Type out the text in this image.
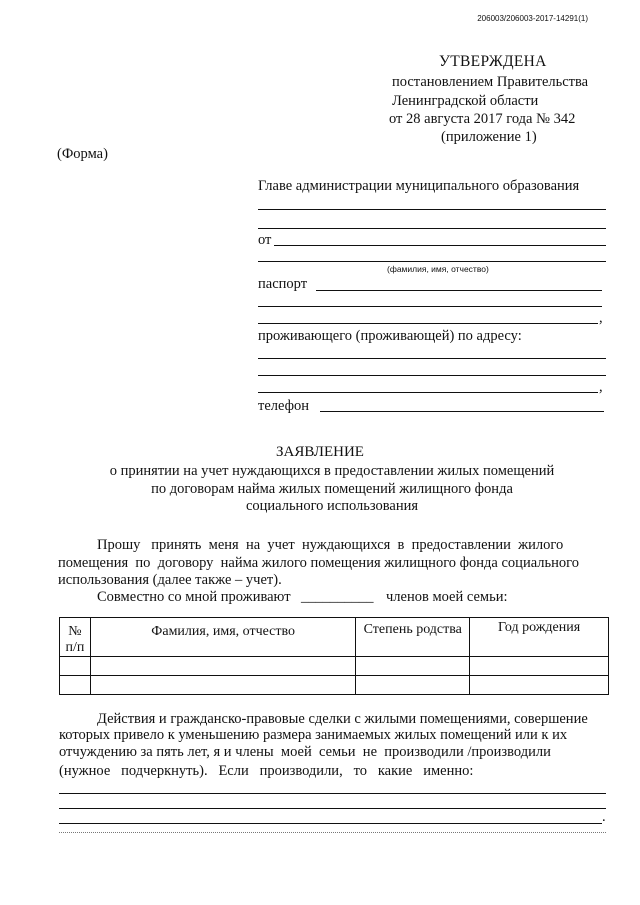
206003/206003-2017-14291(1)
УТВЕРЖДЕНА
постановлением Правительства
Ленинградской области
от 28 августа 2017 года № 342
(приложение 1)
(Форма)
Главе администрации муниципального образования
от
(фамилия, имя, отчество)
паспорт
,
проживающего (проживающей) по адресу:
,
телефон
ЗАЯВЛЕНИЕ
о принятии на учет нуждающихся в предоставлении жилых помещений
по договорам найма жилых помещений жилищного фонда
социального использования
Прошу   принять  меня  на  учет  нуждающихся  в  предоставлении  жилого
помещения  по  договору  найма жилого помещения жилищного фонда социального
использования (далее также – учет).
Совместно со мной проживают __________ членов моей семьи:
№
п/п	Фамилия, имя, отчество	Степень родства	Год рождения

Действия и гражданско-правовые сделки с жилыми помещениями, совершение
которых привело к уменьшению размера занимаемых жилых помещений или к их
отчуждению за пять лет, я и члены  моей  семьи  не  производили /производили
(нужное   подчеркнуть).   Если   производили,   то   какие   именно:
.
